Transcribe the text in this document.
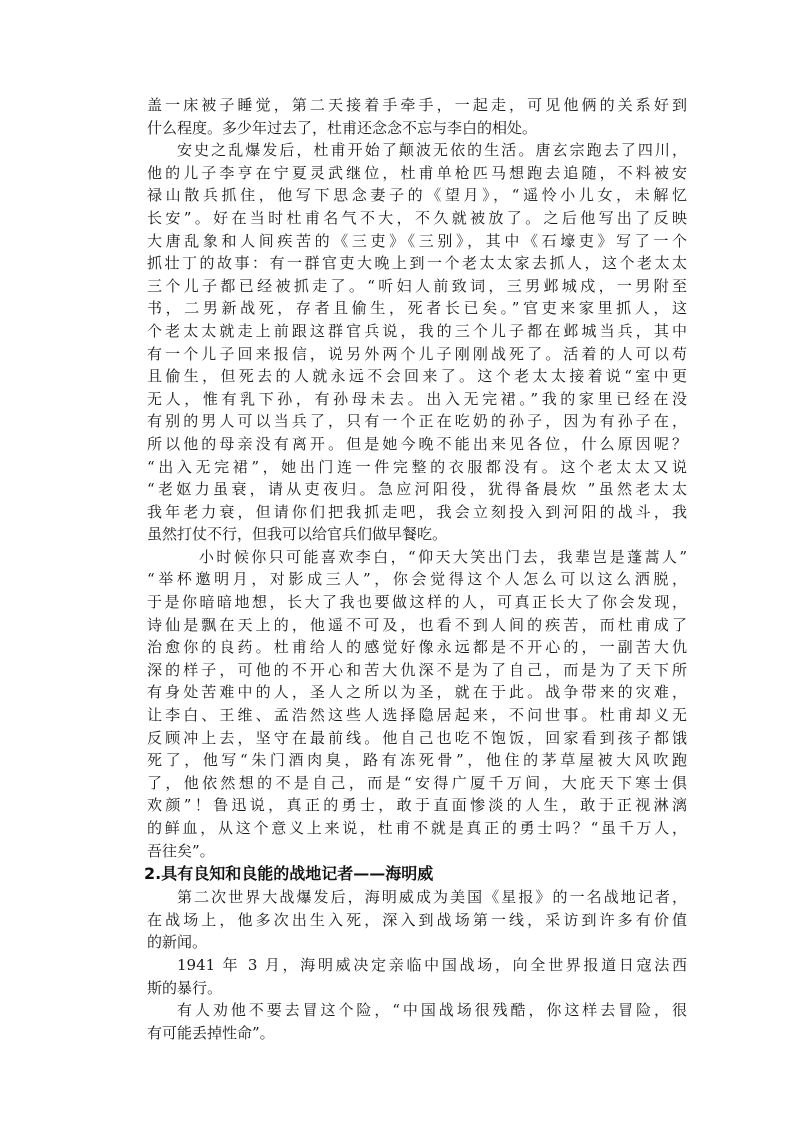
盖一床被子睡觉，第二天接着手牵手，一起走，可见他俩的关系好到
什么程度。多少年过去了，杜甫还念念不忘与李白的相处。
安史之乱爆发后，杜甫开始了颠波无依的生活。唐玄宗跑去了四川，
他的儿子李亨在宁夏灵武继位，杜甫单枪匹马想跑去追随，不料被安
禄山散兵抓住，他写下思念妻子的《望月》，“遥怜小儿女，未解忆
长安”。好在当时杜甫名气不大，不久就被放了。之后他写出了反映
大唐乱象和人间疾苦的《三吏》《三别》，其中《石壕吏》写了一个
抓壮丁的故事：有一群官吏大晚上到一个老太太家去抓人，这个老太太
三个儿子都已经被抓走了。“听妇人前致词，三男邺城戍，一男附至
书，二男新战死，存者且偷生，死者长已矣。”官吏来家里抓人，这
个老太太就走上前跟这群官兵说，我的三个儿子都在邺城当兵，其中
有一个儿子回来报信，说另外两个儿子刚刚战死了。活着的人可以苟
且偷生，但死去的人就永远不会回来了。这个老太太接着说“室中更
无人，惟有乳下孙，有孙母未去。出入无完裙。”我的家里已经在没
有别的男人可以当兵了，只有一个正在吃奶的孙子，因为有孙子在，
所以他的母亲没有离开。但是她今晚不能出来见各位，什么原因呢？
“出入无完裙”，她出门连一件完整的衣服都没有。这个老太太又说
“老妪力虽衰，请从吏夜归。急应河阳役，犹得备晨炊 ”虽然老太太
我年老力衰，但请你们把我抓走吧，我会立刻投入到河阳的战斗，我
虽然打仗不行，但我可以给官兵们做早餐吃。
小时候你只可能喜欢李白，“仰天大笑出门去，我辈岂是蓬蒿人”
“举杯邀明月，对影成三人”，你会觉得这个人怎么可以这么洒脱，
于是你暗暗地想，长大了我也要做这样的人，可真正长大了你会发现，
诗仙是飘在天上的，他遥不可及，也看不到人间的疾苦，而杜甫成了
治愈你的良药。杜甫给人的感觉好像永远都是不开心的，一副苦大仇
深的样子，可他的不开心和苦大仇深不是为了自己，而是为了天下所
有身处苦难中的人，圣人之所以为圣，就在于此。战争带来的灾难，
让李白、王维、孟浩然这些人选择隐居起来，不问世事。杜甫却义无
反顾冲上去，坚守在最前线。他自己也吃不饱饭，回家看到孩子都饿
死了，他写“朱门酒肉臭，路有冻死骨”，他住的茅草屋被大风吹跑
了，他依然想的不是自己，而是“安得广厦千万间，大庇天下寒士俱
欢颜”！鲁迅说，真正的勇士，敢于直面惨淡的人生，敢于正视淋漓
的鲜血，从这个意义上来说，杜甫不就是真正的勇士吗？“虽千万人，
吾往矣”。
2.具有良知和良能的战地记者——海明威
第二次世界大战爆发后，海明威成为美国《星报》的一名战地记者，
在战场上，他多次出生入死，深入到战场第一线，采访到许多有价值
的新闻。
1941 年 3 月，海明威决定亲临中国战场，向全世界报道日寇法西
斯的暴行。
有人劝他不要去冒这个险，“中国战场很残酷，你这样去冒险，很
有可能丢掉性命”。
